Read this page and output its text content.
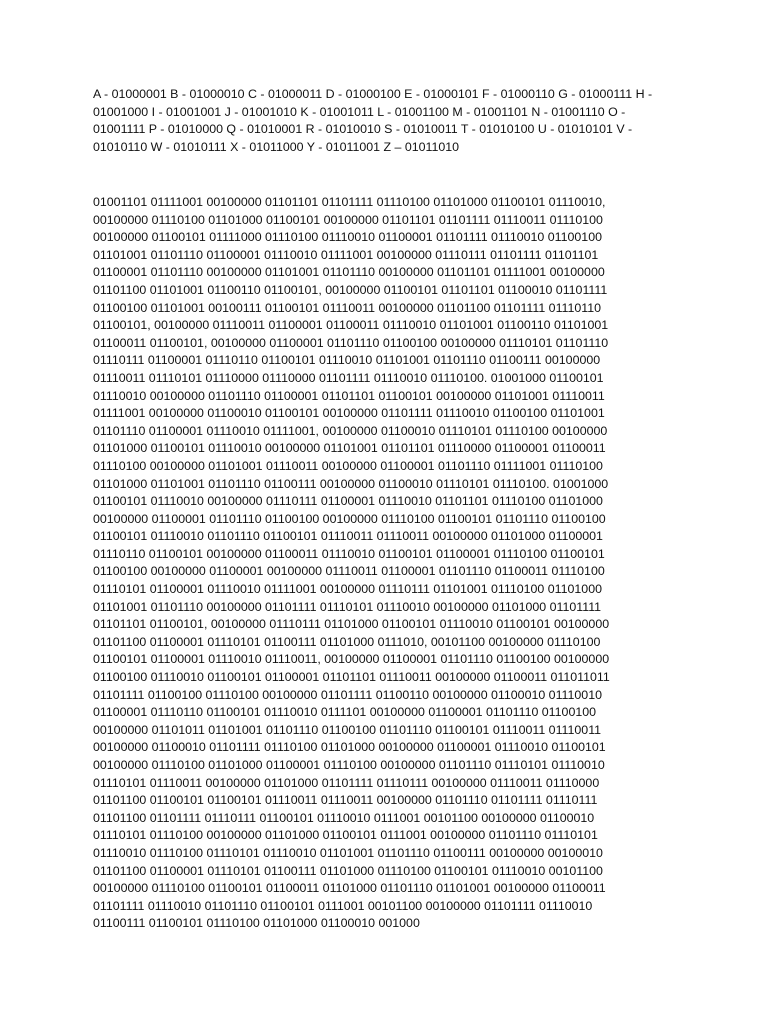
A - 01000001 B - 01000010 C - 01000011 D - 01000100 E - 01000101 F - 01000110 G - 01000111 H -
01001000 I - 01001001 J - 01001010 K - 01001011 L - 01001100 M - 01001101 N - 01001110 O -
01001111 P - 01010000 Q - 01010001 R - 01010010 S - 01010011 T - 01010100 U - 01010101 V -
01010110 W - 01010111 X - 01011000 Y - 01011001 Z – 01011010

01001101 01111001 00100000 01101101 01101111 01110100 01101000 01100101 01110010,
00100000 01110100 01101000 01100101 00100000 01101101 01101111 01110011 01110100
00100000 01100101 01111000 01110100 01110010 01100001 01101111 01110010 01100100
01101001 01101110 01100001 01110010 01111001 00100000 01110111 01101111 01101101
01100001 01101110 00100000 01101001 01101110 00100000 01101101 01111001 00100000
01101100 01101001 01100110 01100101, 00100000 01100101 01101101 01100010 01101111
01100100 01101001 00100111 01100101 01110011 00100000 01101100 01101111 01110110
01100101, 00100000 01110011 01100001 01100011 01110010 01101001 01100110 01101001
01100011 01100101, 00100000 01100001 01101110 01100100 00100000 01110101 01101110
01110111 01100001 01110110 01100101 01110010 01101001 01101110 01100111 00100000
01110011 01110101 01110000 01110000 01101111 01110010 01110100. 01001000 01100101
01110010 00100000 01101110 01100001 01101101 01100101 00100000 01101001 01110011
01111001 00100000 01100010 01100101 00100000 01101111 01110010 01100100 01101001
01101110 01100001 01110010 01111001, 00100000 01100010 01110101 01110100 00100000
01101000 01100101 01110010 00100000 01101001 01101101 01110000 01100001 01100011
01110100 00100000 01101001 01110011 00100000 01100001 01101110 01111001 01110100
01101000 01101001 01101110 01100111 00100000 01100010 01110101 01110100. 01001000
01100101 01110010 00100000 01110111 01100001 01110010 01101101 01110100 01101000
00100000 01100001 01101110 01100100 00100000 01110100 01100101 01101110 01100100
01100101 01110010 01101110 01100101 01110011 01110011 00100000 01101000 01100001
01110110 01100101 00100000 01100011 01110010 01100101 01100001 01110100 01100101
01100100 00100000 01100001 00100000 01110011 01100001 01101110 01100011 01110100
01110101 01100001 01110010 01111001 00100000 01110111 01101001 01110100 01101000
01101001 01101110 00100000 01101111 01110101 01110010 00100000 01101000 01101111
01101101 01100101, 00100000 01110111 01101000 01100101 01110010 01100101 00100000
01101100 01100001 01110101 01100111 01101000 0111010, 00101100 00100000 01110100
01100101 01100001 01110010 01110011, 00100000 01100001 01101110 01100100 00100000
01100100 01110010 01100101 01100001 01101101 01110011 00100000 01100011 011011011
01101111 01100100 01110100 00100000 01101111 01100110 00100000 01100010 01110010
01100001 01110110 01100101 01110010 0111101 00100000 01100001 01101110 01100100
00100000 01101011 01101001 01101110 01100100 01101110 01100101 01110011 01110011
00100000 01100010 01101111 01110100 01101000 00100000 01100001 01110010 01100101
00100000 01110100 01101000 01100001 01110100 00100000 01101110 01110101 01110010
01110101 01110011 00100000 01101000 01101111 01110111 00100000 01110011 01110000
01101100 01100101 01100101 01110011 01110011 00100000 01101110 01101111 01110111
01101100 01101111 01110111 01100101 01110010 0111001 00101100 00100000 01100010
01110101 01110100 00100000 01101000 01100101 0111001 00100000 01101110 01110101
01110010 01110100 01110101 01110010 01101001 01101110 01100111 00100000 00100010
01101100 01100001 01110101 01100111 01101000 01110100 01100101 01110010 00101100
00100000 01110100 01100101 01100011 01101000 01101110 01101001 00100000 01100011
01101111 01110010 01101110 01100101 0111001 00101100 00100000 01101111 01110010
01100111 01100101 01110100 01101000 01100010 001000
